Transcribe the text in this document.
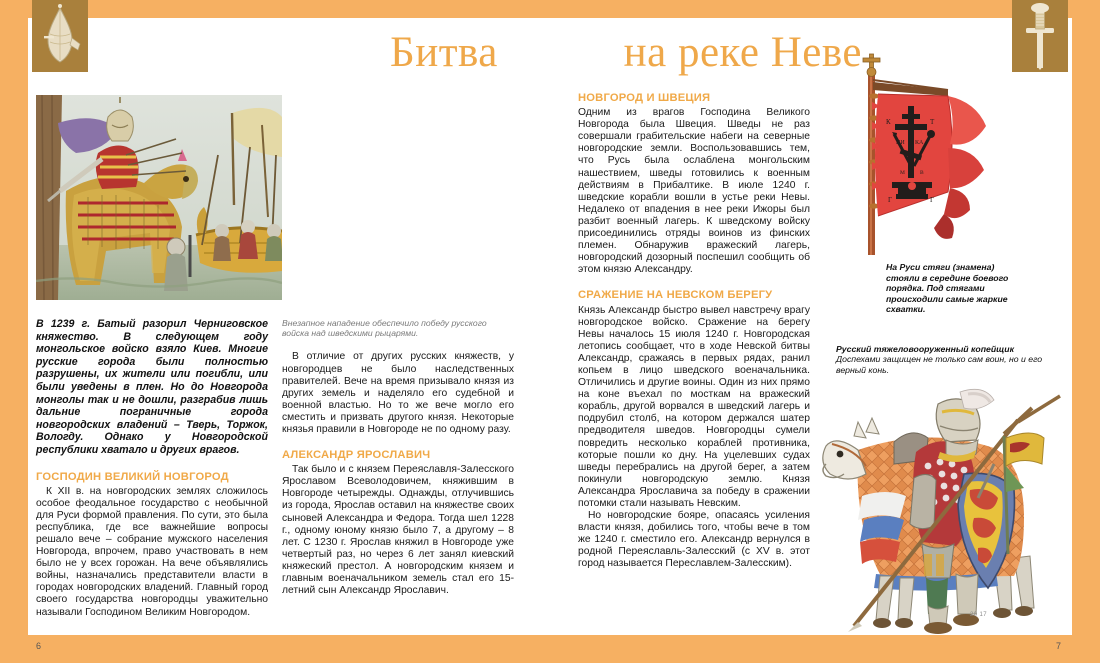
Битва	на реке Неве

В 1239 г. Батый разорил Черниговское княжество. В следующем году монгольское войско взяло Киев. Многие русские города были полностью разрушены, их жители или погибли, или были уведены в плен. Но до Новгорода монголы так и не дошли, разграбив лишь дальние пограничные города новгородских владений – Тверь, Торжок, Вологду. Однако у Новгородской республики хватало и других врагов.

ГОСПОДИН ВЕЛИКИЙ НОВГОРОД

К XII в. на новгородских землях сложилось особое феодальное государство с необычной для Руси формой правления. По сути, это была республика, где все важнейшие вопросы решало вече – собрание мужского населения Новгорода, впрочем, право участвовать в нем было не у всех горожан. На вече объявлялись войны, назначались представители власти в городах новгородских владений. Главный город своего государства новгородцы уважительно называли Господином Великим Новгородом.

Внезапное нападение обеспечило победу русского войска над шведскими рыцарями.

В отличие от других русских княжеств, у новгородцев не было наследственных правителей. Вече на время призывало князя из других земель и наделяло его судебной и военной властью. Но то же вече могло его сместить и призвать другого князя. Некоторые князья правили в Новгороде не по одному разу.

АЛЕКСАНДР ЯРОСЛАВИЧ

Так было и с князем Переяславля-Залесского Ярославом Всеволодовичем, княжившим в Новгороде четырежды. Однажды, отлучившись из города, Ярослав оставил на княжестве своих сыновей Александра и Федора. Тогда шел 1228 г., одному юному князю было 7, а другому – 8 лет. С 1230 г. Ярослав княжил в Новгороде уже четвертый раз, но через 6 лет занял киевский княжеский престол. А новгородским князем и главным военачальником земель стал его 15-летний сын Александр Ярославич.

НОВГОРОД И ШВЕЦИЯ

Одним из врагов Господина Великого Новгорода была Швеция. Шведы не раз совершали грабительские набеги на северные новгородские земли. Воспользовавшись тем, что Русь была ослаблена монгольским нашествием, шведы готовились к военным действиям в Прибалтике. В июле 1240 г. шведские корабли вошли в устье реки Невы. Недалеко от впадения в нее реки Ижоры был разбит военный лагерь. К шведскому войску присоединились отряды воинов из финских племен. Обнаружив вражеский лагерь, новгородский дозорный поспешил сообщить об этом князю Александру.

СРАЖЕНИЕ НА НЕВСКОМ БЕРЕГУ

Князь Александр быстро вывел навстречу врагу новгородское войско. Сражение на берегу Невы началось 15 июля 1240 г. Новгородская летопись сообщает, что в ходе Невской битвы Александр, сражаясь в первых рядах, ранил копьем в лицо шведского военачальника. Отличились и другие воины. Один из них прямо на коне въехал по мосткам на вражеский корабль, другой ворвался в шведский лагерь и подрубил столб, на котором держался шатер предводителя шведов. Новгородцы сумели повредить несколько кораблей противника, которые пошли ко дну. На уцелевших судах шведы перебрались на другой берег, а затем покинули новгородскую землю. Князя Александра Ярославича за победу в сражении потомки стали называть Невским.

Но новгородские бояре, опасаясь усиления власти князя, добились того, чтобы вече в том же 1240 г. сместило его. Александр вернулся в родной Переяславль-Залесский (с XV в. этот город называется Переславлем-Залесским).

К	Т
Г	Г
НИ КА
М	В
На Руси стяги (знамена) стояли в середине боевого порядка. Под стягами происходили самые жаркие схватки.
Русский тяжеловооруженный копейщик
Доспехами защищен не только сам воин, но и его верный конь.
20 17
6	7
